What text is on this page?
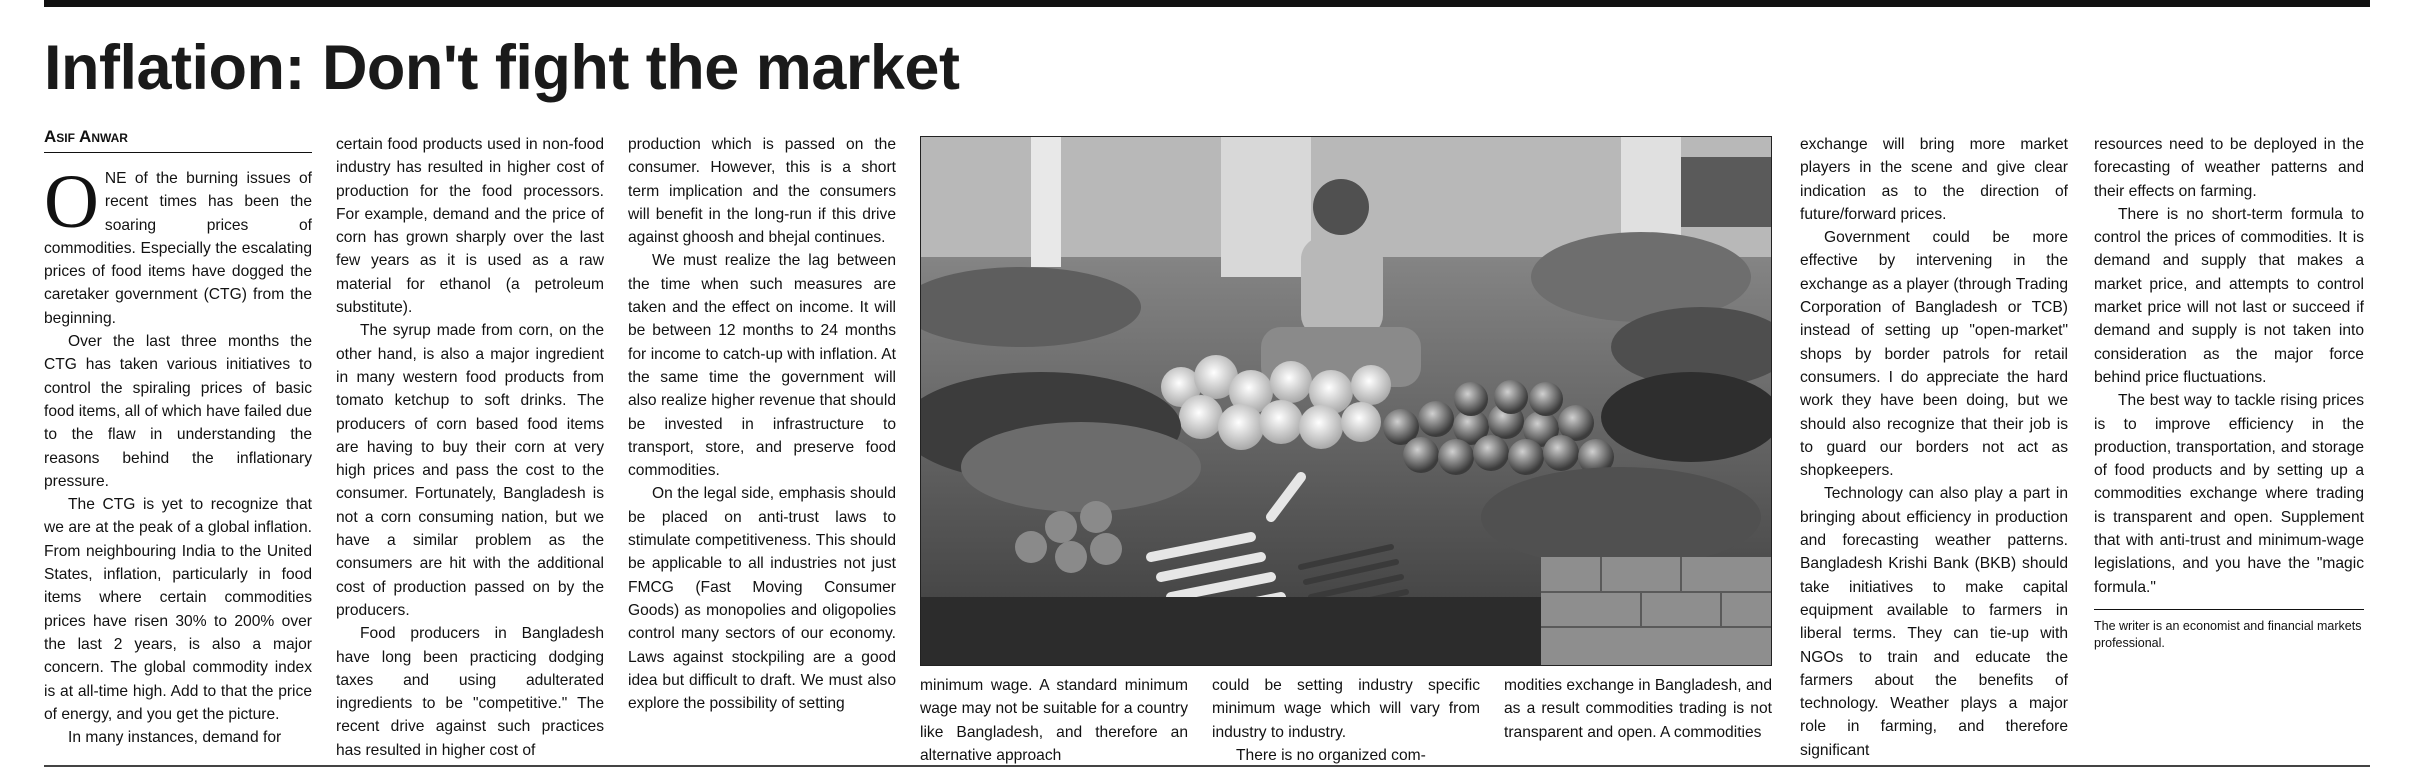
Inflation: Don't fight the market
Asif Anwar

ONE of the burning issues of recent times has been the soaring prices of commodities. Especially the escalating prices of food items have dogged the caretaker government (CTG) from the beginning.

Over the last three months the CTG has taken various initiatives to control the spiraling prices of basic food items, all of which have failed due to the flaw in understanding the reasons behind the inflationary pressure.

The CTG is yet to recognize that we are at the peak of a global inflation. From neighbouring India to the United States, inflation, particularly in food items where certain commodities prices have risen 30% to 200% over the last 2 years, is also a major concern. The global commodity index is at all-time high. Add to that the price of energy, and you get the picture.

In many instances, demand for

certain food products used in non-food industry has resulted in higher cost of production for the food processors. For example, demand and the price of corn has grown sharply over the last few years as it is used as a raw material for ethanol (a petroleum substitute).

The syrup made from corn, on the other hand, is also a major ingredient in many western food products from tomato ketchup to soft drinks. The producers of corn based food items are having to buy their corn at very high prices and pass the cost to the consumer. Fortunately, Bangladesh is not a corn consuming nation, but we have a similar problem as the consumers are hit with the additional cost of production passed on by the producers.

Food producers in Bangladesh have long been practicing dodging taxes and using adulterated ingredients to be "competitive." The recent drive against such practices has resulted in higher cost of

production which is passed on the consumer. However, this is a short term implication and the consumers will benefit in the long-run if this drive against ghoosh and bhejal continues.

We must realize the lag between the time when such measures are taken and the effect on income. It will be between 12 months to 24 months for income to catch-up with inflation. At the same time the government will also realize higher revenue that should be invested in infrastructure to transport, store, and preserve food commodities.

On the legal side, emphasis should be placed on anti-trust laws to stimulate competitiveness. This should be applicable to all industries not just FMCG (Fast Moving Consumer Goods) as monopolies and oligopolies control many sectors of our economy. Laws against stockpiling are a good idea but difficult to draft. We must also explore the possibility of setting

minimum wage. A standard minimum wage may not be suitable for a country like Bangladesh, and therefore an alternative approach

could be setting industry specific minimum wage which will vary from industry to industry.

There is no organized com-

modities exchange in Bangladesh, and as a result commodities trading is not transparent and open. A commodities

exchange will bring more market players in the scene and give clear indication as to the direction of future/forward prices.

Government could be more effective by intervening in the exchange as a player (through Trading Corporation of Bangladesh or TCB) instead of setting up "open-market" shops by border patrols for retail consumers. I do appreciate the hard work they have been doing, but we should also recognize that their job is to guard our borders not act as shopkeepers.

Technology can also play a part in bringing about efficiency in production and forecasting weather patterns. Bangladesh Krishi Bank (BKB) should take initiatives to make capital equipment available to farmers in liberal terms. They can tie-up with NGOs to train and educate the farmers about the benefits of technology. Weather plays a major role in farming, and therefore significant

resources need to be deployed in the forecasting of weather patterns and their effects on farming.

There is no short-term formula to control the prices of commodities. It is demand and supply that makes a market price, and attempts to control market price will not last or succeed if demand and supply is not taken into consideration as the major force behind price fluctuations.

The best way to tackle rising prices is to improve efficiency in the production, transportation, and storage of food products and by setting up a commodities exchange where trading is transparent and open. Supplement that with anti-trust and minimum-wage legislations, and you have the "magic formula."

The writer is an economist and financial markets professional.
